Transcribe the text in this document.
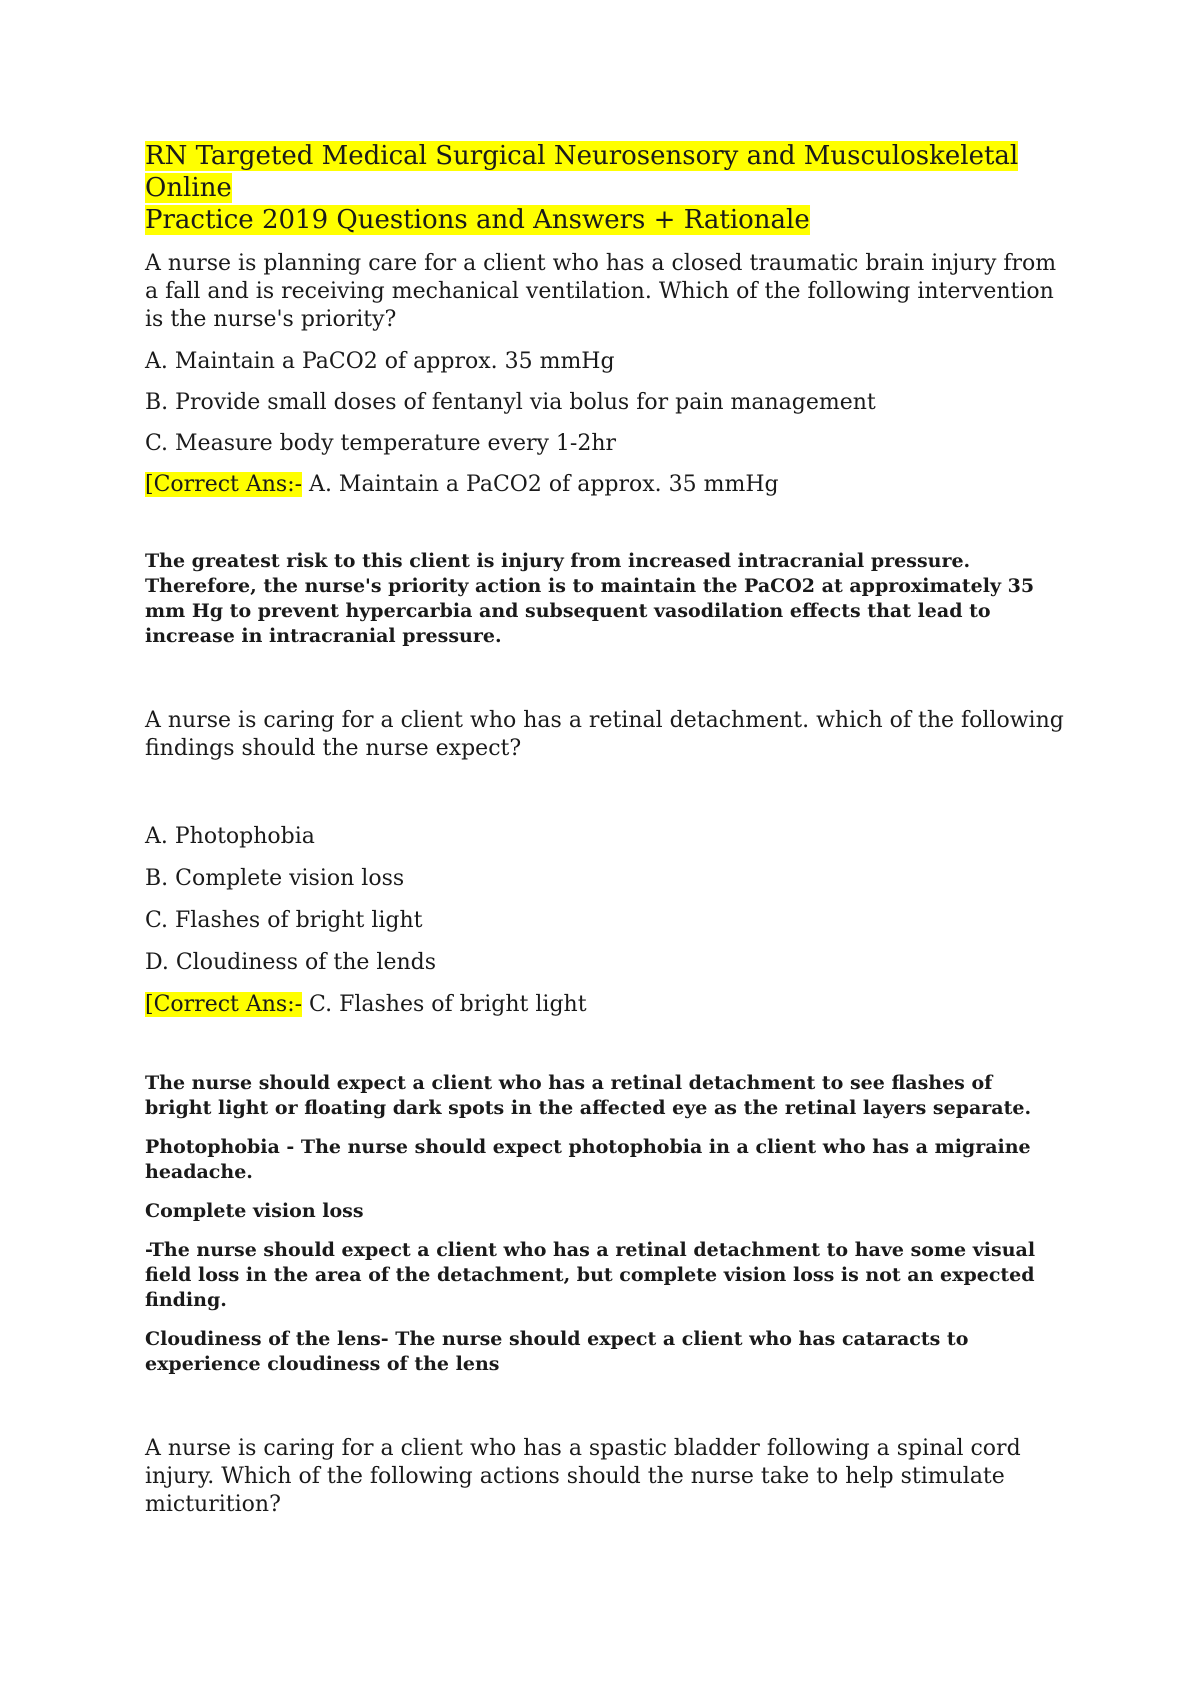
RN Targeted Medical Surgical Neurosensory and Musculoskeletal Online
Practice 2019 Questions and Answers + Rationale

A nurse is planning care for a client who has a closed traumatic brain injury from a fall and is receiving mechanical ventilation. Which of the following intervention is the nurse's priority?

A. Maintain a PaCO2 of approx. 35 mmHg

B. Provide small doses of fentanyl via bolus for pain management

C. Measure body temperature every 1-2hr

[Correct Ans:- A. Maintain a PaCO2 of approx. 35 mmHg

The greatest risk to this client is injury from increased intracranial pressure. Therefore, the nurse's priority action is to maintain the PaCO2 at approximately 35 mm Hg to prevent hypercarbia and subsequent vasodilation effects that lead to increase in intracranial pressure.

A nurse is caring for a client who has a retinal detachment. which of the following findings should the nurse expect?

A. Photophobia

B. Complete vision loss

C. Flashes of bright light

D. Cloudiness of the lends

[Correct Ans:- C. Flashes of bright light

The nurse should expect a client who has a retinal detachment to see flashes of bright light or floating dark spots in the affected eye as the retinal layers separate.

Photophobia - The nurse should expect photophobia in a client who has a migraine headache.

Complete vision loss

-The nurse should expect a client who has a retinal detachment to have some visual field loss in the area of the detachment, but complete vision loss is not an expected finding.

Cloudiness of the lens- The nurse should expect a client who has cataracts to experience cloudiness of the lens

A nurse is caring for a client who has a spastic bladder following a spinal cord injury. Which of the following actions should the nurse take to help stimulate micturition?
